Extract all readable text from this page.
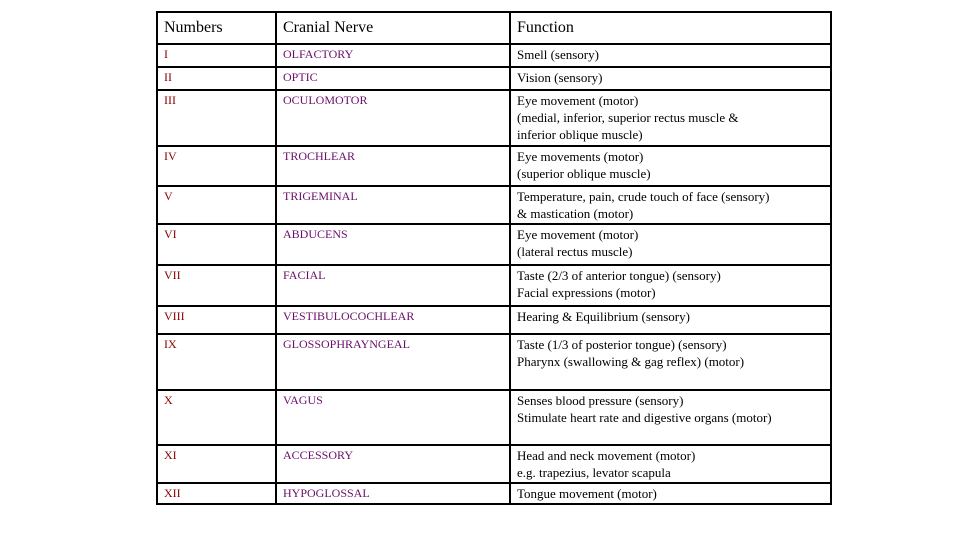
Numbers	Cranial Nerve	Function
I	OLFACTORY	Smell (sensory)

II	OPTIC	Vision (sensory)

III	OCULOMOTOR	Eye movement (motor)
(medial, inferior, superior rectus muscle &
inferior oblique muscle)

IV	TROCHLEAR	Eye movements (motor)
(superior oblique muscle)

V	TRIGEMINAL	Temperature, pain, crude touch of face (sensory)
& mastication (motor)

VI	ABDUCENS	Eye movement (motor)
(lateral rectus muscle)

VII	FACIAL	Taste (2/3 of anterior tongue) (sensory)
Facial expressions (motor)

VIII	VESTIBULOCOCHLEAR	Hearing & Equilibrium (sensory)

IX	GLOSSOPHRAYNGEAL	Taste (1/3 of posterior tongue) (sensory)
Pharynx (swallowing & gag reflex) (motor)

X	VAGUS	Senses blood pressure (sensory)
Stimulate heart rate and digestive organs (motor)

XI	ACCESSORY	Head and neck movement (motor)
e.g. trapezius, levator scapula

XII	HYPOGLOSSAL	Tongue movement (motor)
